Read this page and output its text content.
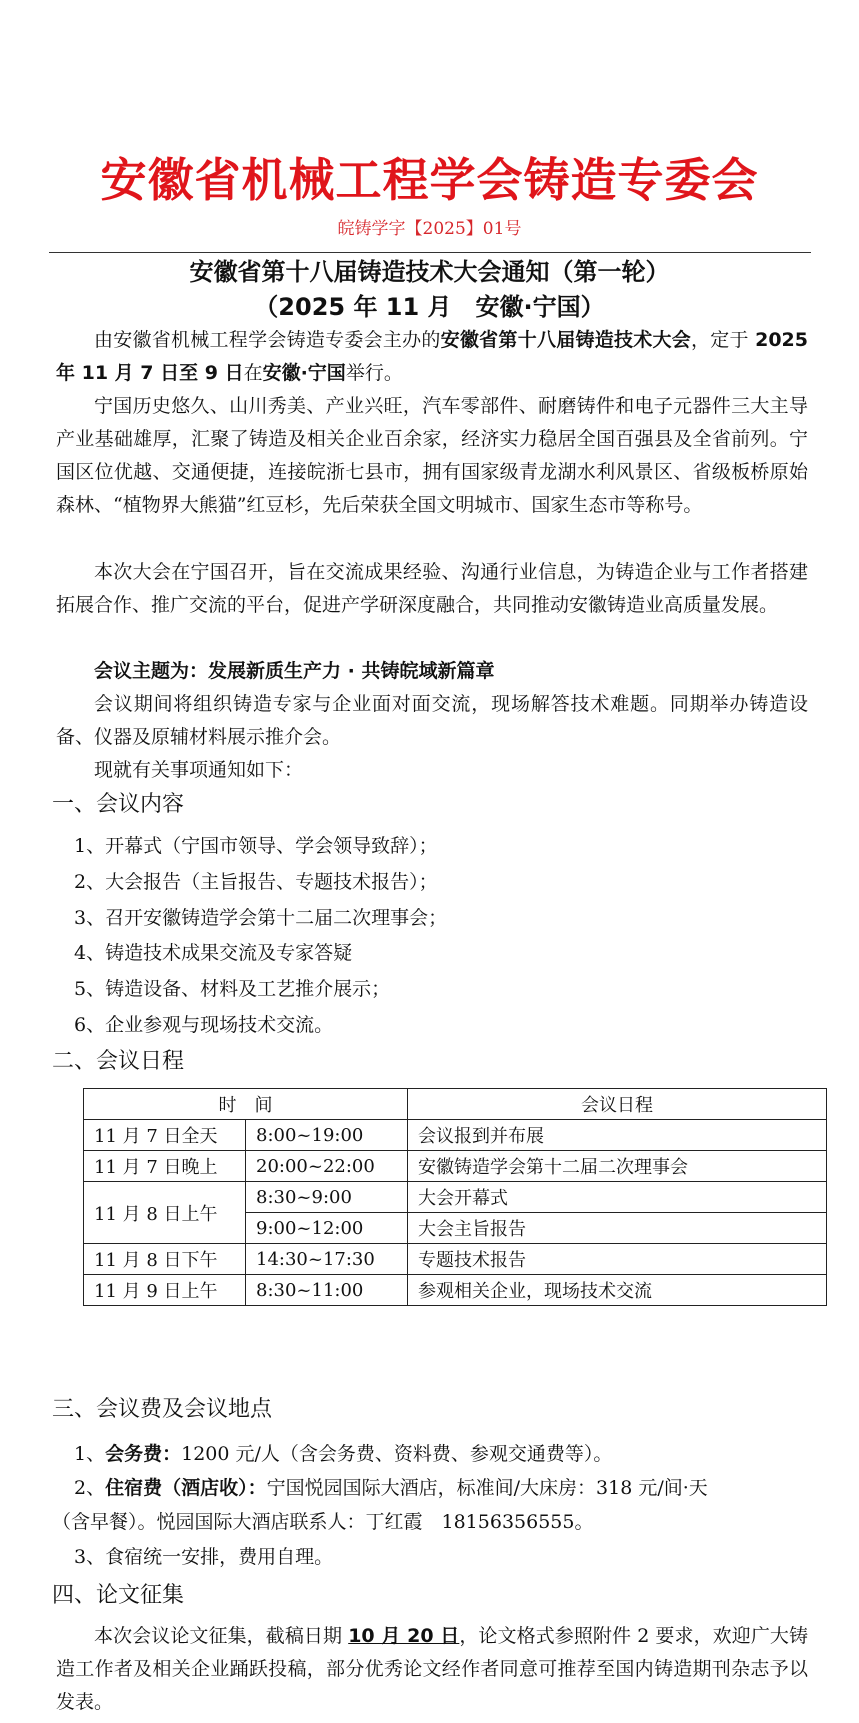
安徽省机械工程学会铸造专委会
皖铸学字【2025】01号
安徽省第十八届铸造技术大会通知（第一轮）
（2025 年 11 月　安徽·宁国）

由安徽省机械工程学会铸造专委会主办的安徽省第十八届铸造技术大会，定于 2025 年 11 月 7 日至 9 日在安徽·宁国举行。

宁国历史悠久、山川秀美、产业兴旺，汽车零部件、耐磨铸件和电子元器件三大主导产业基础雄厚，汇聚了铸造及相关企业百余家，经济实力稳居全国百强县及全省前列。宁国区位优越、交通便捷，连接皖浙七县市，拥有国家级青龙湖水利风景区、省级板桥原始森林、“植物界大熊猫”红豆杉，先后荣获全国文明城市、国家生态市等称号。

本次大会在宁国召开，旨在交流成果经验、沟通行业信息，为铸造企业与工作者搭建拓展合作、推广交流的平台，促进产学研深度融合，共同推动安徽铸造业高质量发展。

会议主题为：发展新质生产力 · 共铸皖域新篇章

会议期间将组织铸造专家与企业面对面交流，现场解答技术难题。同期举办铸造设备、仪器及原辅材料展示推介会。

现就有关事项通知如下：

一、会议内容
1、开幕式（宁国市领导、学会领导致辞）；
2、大会报告（主旨报告、专题技术报告）；
3、召开安徽铸造学会第十二届二次理事会；
4、铸造技术成果交流及专家答疑
5、铸造设备、材料及工艺推介展示；
6、企业参观与现场技术交流。
二、会议日程
时　间		会议日程
11 月 7 日全天	8:00~19:00	会议报到并布展
11 月 7 日晚上	20:00~22:00	安徽铸造学会第十二届二次理事会
11 月 8 日上午	8:30~9:00	大会开幕式
	9:00~12:00	大会主旨报告
11 月 8 日下午	14:30~17:30	专题技术报告
11 月 9 日上午	8:30~11:00	参观相关企业，现场技术交流
三、会议费及会议地点
1、会务费：1200 元/人（含会务费、资料费、参观交通费等）。
2、住宿费（酒店收）：宁国悦园国际大酒店，标准间/大床房：318 元/间·天
（含早餐）。悦园国际大酒店联系人：丁红霞　18156356555。
3、食宿统一安排，费用自理。
四、论文征集

本次会议论文征集，截稿日期 10 月 20 日，论文格式参照附件 2 要求，欢迎广大铸造工作者及相关企业踊跃投稿，部分优秀论文经作者同意可推荐至国内铸造期刊杂志予以发表。
